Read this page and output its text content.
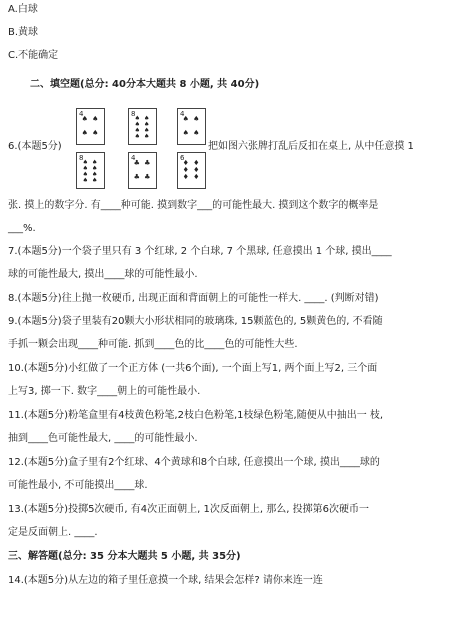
A.白球
B.黄球
C.不能确定
二、填空题(总分: 40分本大题共 8 小题, 共 40分)
6.(本题5分)
4
♠ ♠

♠ ♠
8
♠ ♠
♠ ♠
♠ ♠
♠ ♠
4
♠ ♠

♠ ♠
8
♠ ♠
♠ ♠
♠ ♠
♠ ♠
4
♣ ♣

♣ ♣
6
♦ ♦
♦ ♦
♦ ♦
把如图六张牌打乱后反扣在桌上, 从中任意摸 1
张. 摸上的数字分. 有____种可能. 摸到数字___的可能性最大. 摸到这个数字的概率是
___%.
7.(本题5分)一个袋子里只有 3 个红球, 2 个白球, 7 个黑球, 任意摸出 1 个球, 摸出____
球的可能性最大, 摸出____球的可能性最小.
8.(本题5分)往上抛一枚硬币, 出现正面和背面朝上的可能性一样大. ____. (判断对错)
9.(本题5分)袋子里装有20颗大小形状相同的玻璃珠, 15颗蓝色的, 5颗黄色的, 不看随
手抓一颗会出现____种可能. 抓到____色的比____色的可能性大些.
10.(本题5分)小红做了一个正方体 (一共6个面), 一个面上写1, 两个面上写2, 三个面
上写3, 掷一下. 数字____朝上的可能性最小.
11.(本题5分)粉笔盒里有4枝黄色粉笔,2枝白色粉笔,1枝绿色粉笔,随便从中抽出一 枝,
抽到____色可能性最大, ____的可能性最小.
12.(本题5分)盒子里有2个红球、4个黄球和8个白球, 任意摸出一个球, 摸出____球的
可能性最小, 不可能摸出____球.
13.(本题5分)投掷5次硬币, 有4次正面朝上, 1次反面朝上, 那么, 投掷第6次硬币一
定是反面朝上. ____.
三、解答题(总分: 35 分本大题共 5 小题, 共 35分)
14.(本题5分)从左边的箱子里任意摸一个球, 结果会怎样? 请你来连一连
